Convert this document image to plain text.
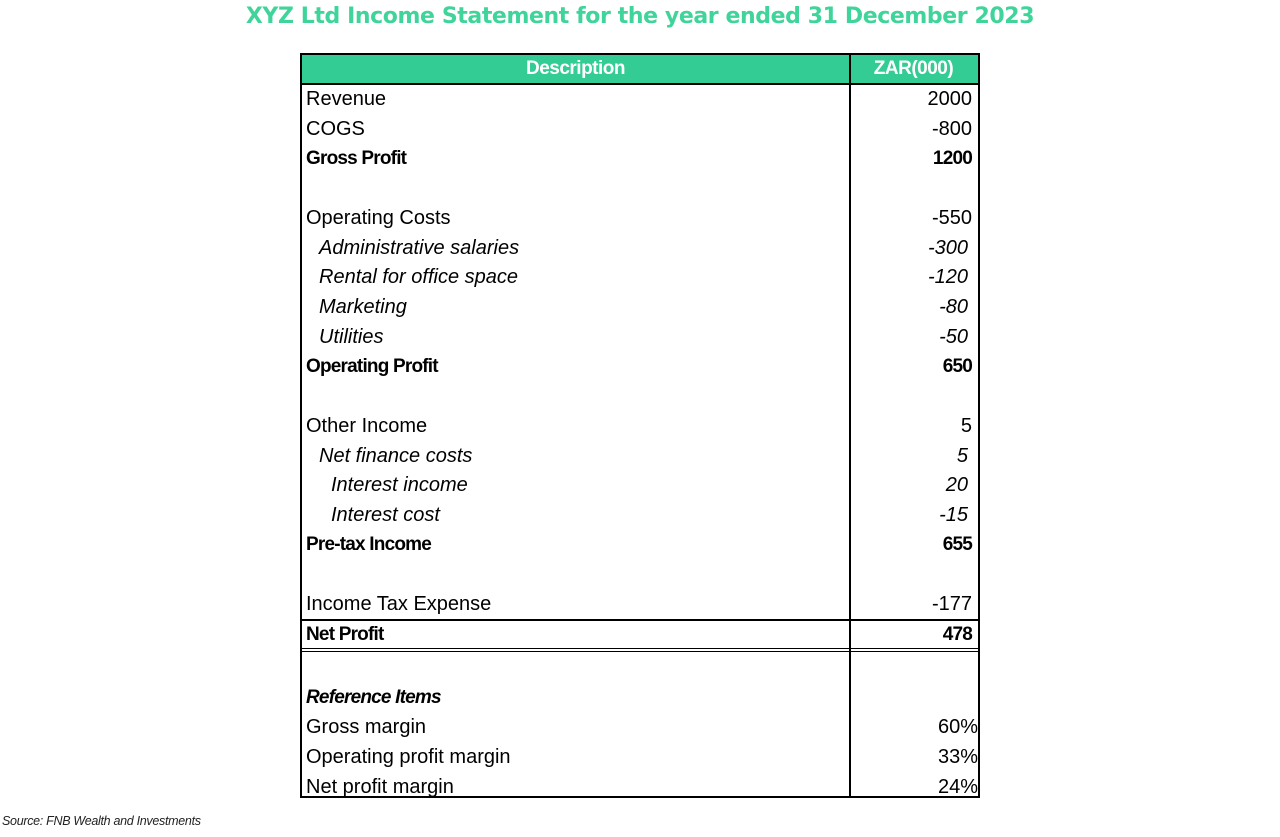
XYZ Ltd Income Statement for the year ended 31 December 2023
Description	ZAR(000)
Revenue	2000
COGS	-800
Gross Profit	1200
Operating Costs	-550
Administrative salaries	-300
Rental for office space	-120
Marketing	-80
Utilities	-50
Operating Profit	650
Other Income	5
Net finance costs	5
Interest income	20
Interest cost	-15
Pre-tax Income	655
Income Tax Expense	-177
Net Profit	478
Reference Items
Gross margin	60%
Operating profit margin	33%
Net profit margin	24%
Source: FNB Wealth and Investments
